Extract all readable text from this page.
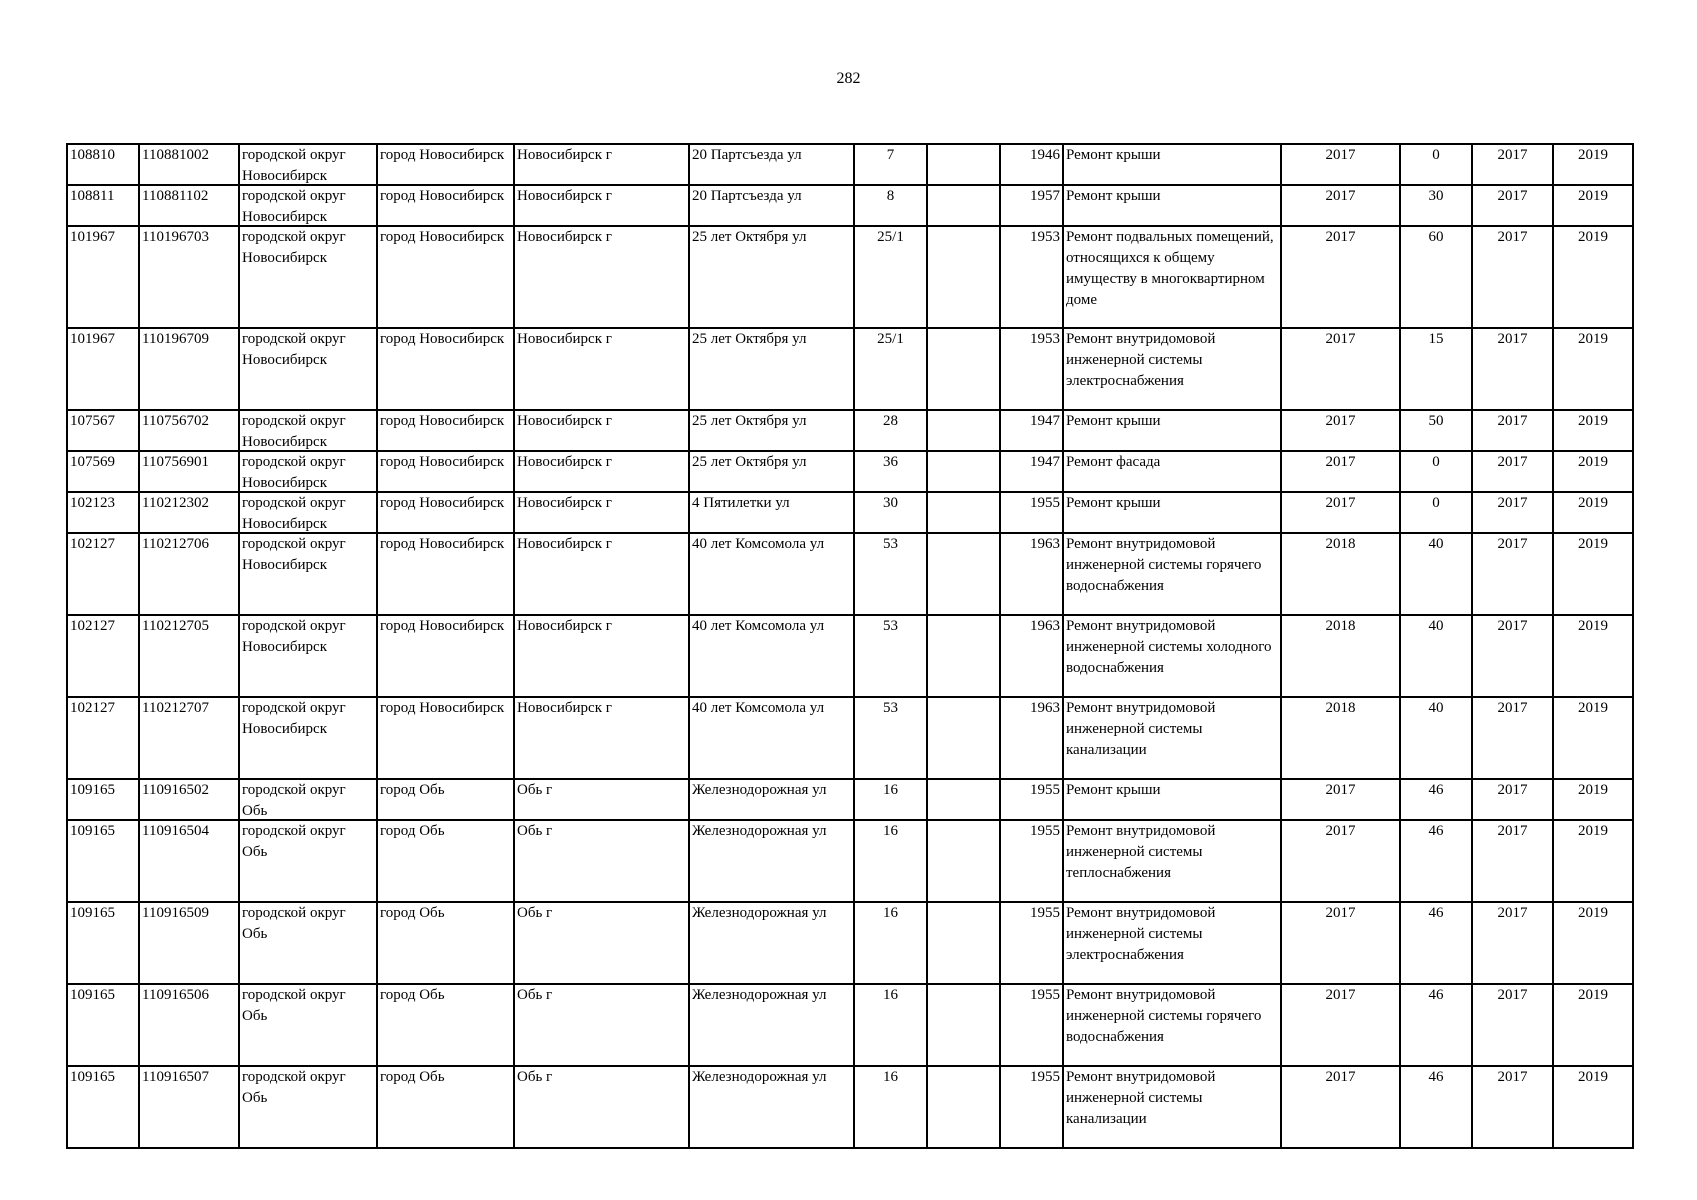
282
108810	110881002	городской округ Новосибирск	город Новосибирск	Новосибирск г	20 Партсъезда ул	7		1946	Ремонт крыши	2017	0	2017	2019

108811	110881102	городской округ Новосибирск	город Новосибирск	Новосибирск г	20 Партсъезда ул	8		1957	Ремонт крыши	2017	30	2017	2019

101967	110196703	городской округ Новосибирск	город Новосибирск	Новосибирск г	25 лет Октября ул	25/1		1953	Ремонт подвальных помещений, относящихся к общему имуществу в многоквартирном доме	2017	60	2017	2019

101967	110196709	городской округ Новосибирск	город Новосибирск	Новосибирск г	25 лет Октября ул	25/1		1953	Ремонт внутридомовой инженерной системы электроснабжения	2017	15	2017	2019

107567	110756702	городской округ Новосибирск	город Новосибирск	Новосибирск г	25 лет Октября ул	28		1947	Ремонт крыши	2017	50	2017	2019

107569	110756901	городской округ Новосибирск	город Новосибирск	Новосибирск г	25 лет Октября ул	36		1947	Ремонт фасада	2017	0	2017	2019

102123	110212302	городской округ Новосибирск	город Новосибирск	Новосибирск г	4 Пятилетки ул	30		1955	Ремонт крыши	2017	0	2017	2019

102127	110212706	городской округ Новосибирск	город Новосибирск	Новосибирск г	40 лет Комсомола ул	53		1963	Ремонт внутридомовой инженерной системы горячего водоснабжения	2018	40	2017	2019

102127	110212705	городской округ Новосибирск	город Новосибирск	Новосибирск г	40 лет Комсомола ул	53		1963	Ремонт внутридомовой инженерной системы холодного водоснабжения	2018	40	2017	2019

102127	110212707	городской округ Новосибирск	город Новосибирск	Новосибирск г	40 лет Комсомола ул	53		1963	Ремонт внутридомовой инженерной системы канализации	2018	40	2017	2019

109165	110916502	городской округ Обь	город Обь	Обь г	Железнодорожная ул	16		1955	Ремонт крыши	2017	46	2017	2019

109165	110916504	городской округ Обь	город Обь	Обь г	Железнодорожная ул	16		1955	Ремонт внутридомовой инженерной системы теплоснабжения	2017	46	2017	2019

109165	110916509	городской округ Обь	город Обь	Обь г	Железнодорожная ул	16		1955	Ремонт внутридомовой инженерной системы электроснабжения	2017	46	2017	2019

109165	110916506	городской округ Обь	город Обь	Обь г	Железнодорожная ул	16		1955	Ремонт внутридомовой инженерной системы горячего водоснабжения	2017	46	2017	2019

109165	110916507	городской округ Обь	город Обь	Обь г	Железнодорожная ул	16		1955	Ремонт внутридомовой инженерной системы канализации	2017	46	2017	2019
